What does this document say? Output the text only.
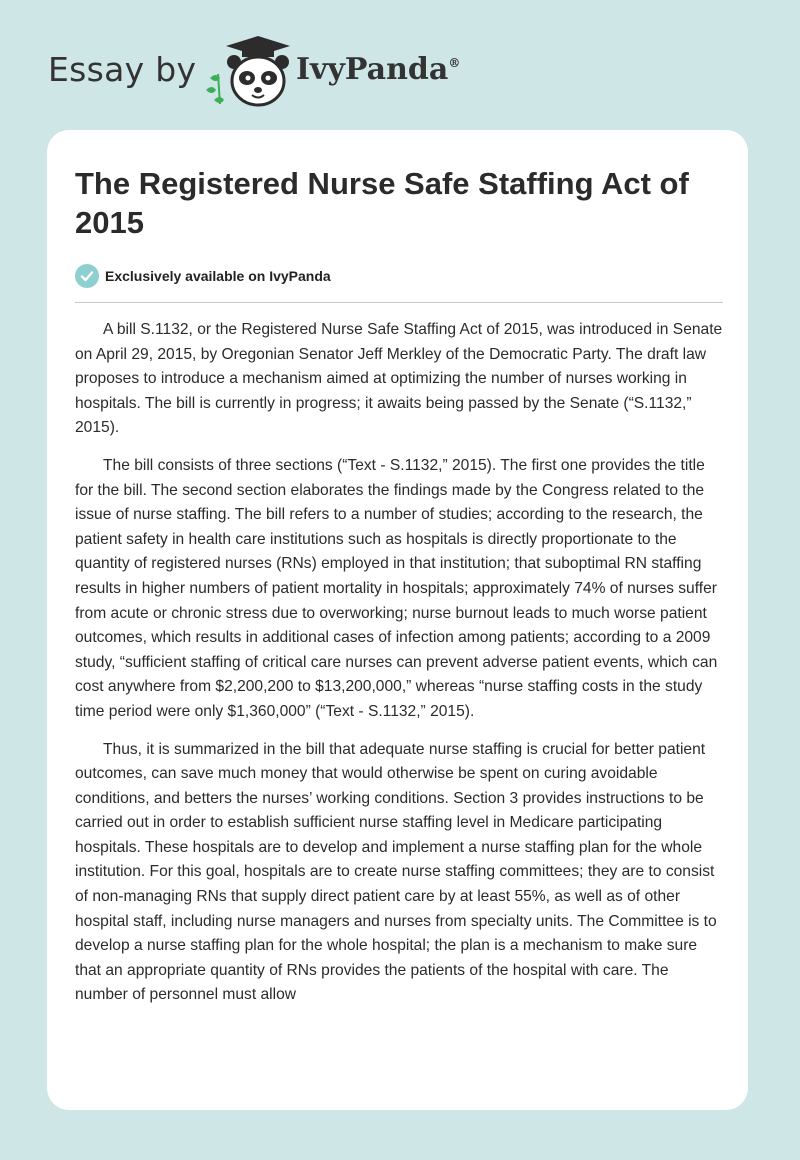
Essay by	IvyPanda®
The Registered Nurse Safe Staffing Act of 2015
Exclusively available on IvyPanda

A bill S.1132, or the Registered Nurse Safe Staffing Act of 2015, was introduced in Senate on April 29, 2015, by Oregonian Senator Jeff Merkley of the Democratic Party. The draft law proposes to introduce a mechanism aimed at optimizing the number of nurses working in hospitals. The bill is currently in progress; it awaits being passed by the Senate (“S.1132,” 2015).

The bill consists of three sections (“Text - S.1132,” 2015). The first one provides the title for the bill. The second section elaborates the findings made by the Congress related to the issue of nurse staffing. The bill refers to a number of studies; according to the research, the patient safety in health care institutions such as hospitals is directly proportionate to the quantity of registered nurses (RNs) employed in that institution; that suboptimal RN staffing results in higher numbers of patient mortality in hospitals; approximately 74% of nurses suffer from acute or chronic stress due to overworking; nurse burnout leads to much worse patient outcomes, which results in additional cases of infection among patients; according to a 2009 study, “sufficient staffing of critical care nurses can prevent adverse patient events, which can cost anywhere from $2,200,200 to $13,200,000,” whereas “nurse staffing costs in the study time period were only $1,360,000” (“Text - S.1132,” 2015).

Thus, it is summarized in the bill that adequate nurse staffing is crucial for better patient outcomes, can save much money that would otherwise be spent on curing avoidable conditions, and betters the nurses’ working conditions. Section 3 provides instructions to be carried out in order to establish sufficient nurse staffing level in Medicare participating hospitals. These hospitals are to develop and implement a nurse staffing plan for the whole institution. For this goal, hospitals are to create nurse staffing committees; they are to consist of non-managing RNs that supply direct patient care by at least 55%, as well as of other hospital staff, including nurse managers and nurses from specialty units. The Committee is to develop a nurse staffing plan for the whole hospital; the plan is a mechanism to make sure that an appropriate quantity of RNs provides the patients of the hospital with care. The number of personnel must allow
